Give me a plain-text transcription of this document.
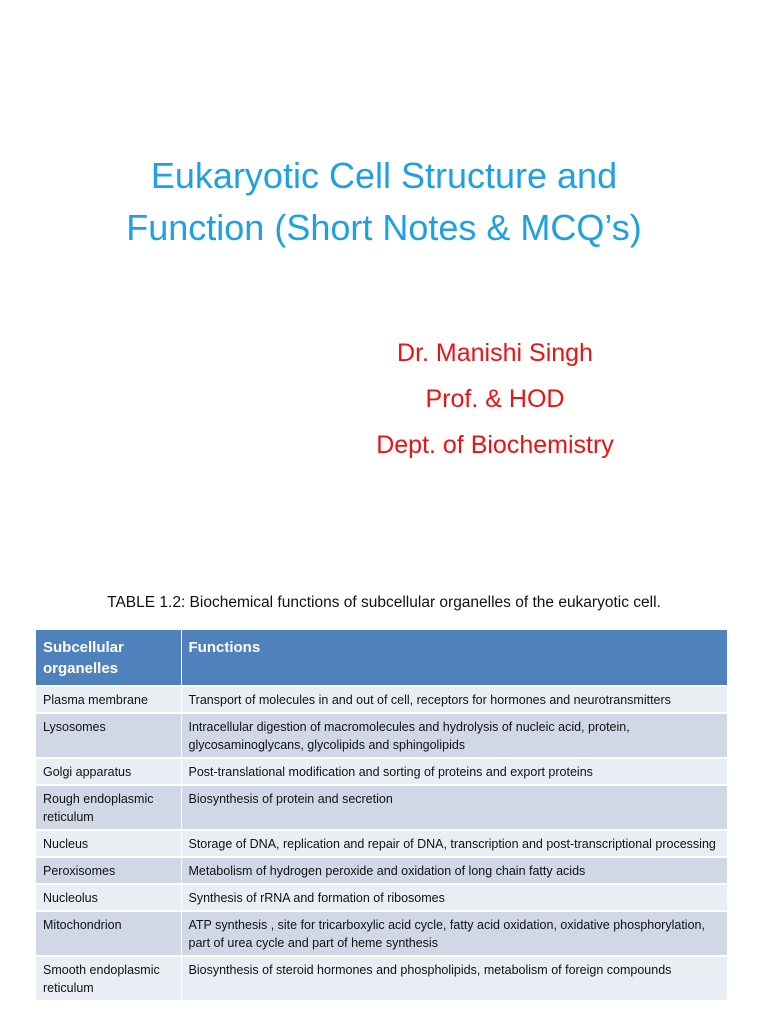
Eukaryotic Cell Structure and
Function (Short Notes & MCQ’s)
Dr. Manishi Singh
Prof. & HOD
Dept. of Biochemistry
TABLE 1.2: Biochemical functions of subcellular organelles of the eukaryotic cell.
Subcellular organelles	Functions
Plasma membrane	Transport of molecules in and out of cell, receptors for hormones and neurotransmitters
Lysosomes	Intracellular digestion of macromolecules and hydrolysis of nucleic acid, protein, glycosaminoglycans, glycolipids and sphingolipids
Golgi apparatus	Post-translational modification and sorting of proteins and export proteins
Rough endoplasmic reticulum	Biosynthesis of protein and secretion
Nucleus	Storage of DNA, replication and repair of DNA, transcription and post-transcriptional processing
Peroxisomes	Metabolism of hydrogen peroxide and oxidation of long chain fatty acids
Nucleolus	Synthesis of rRNA and formation of ribosomes
Mitochondrion	ATP synthesis , site for tricarboxylic acid cycle, fatty acid oxidation, oxidative phosphorylation, part of urea cycle and part of heme synthesis
Smooth endoplasmic reticulum	Biosynthesis of steroid hormones and phospholipids, metabolism of foreign compounds
